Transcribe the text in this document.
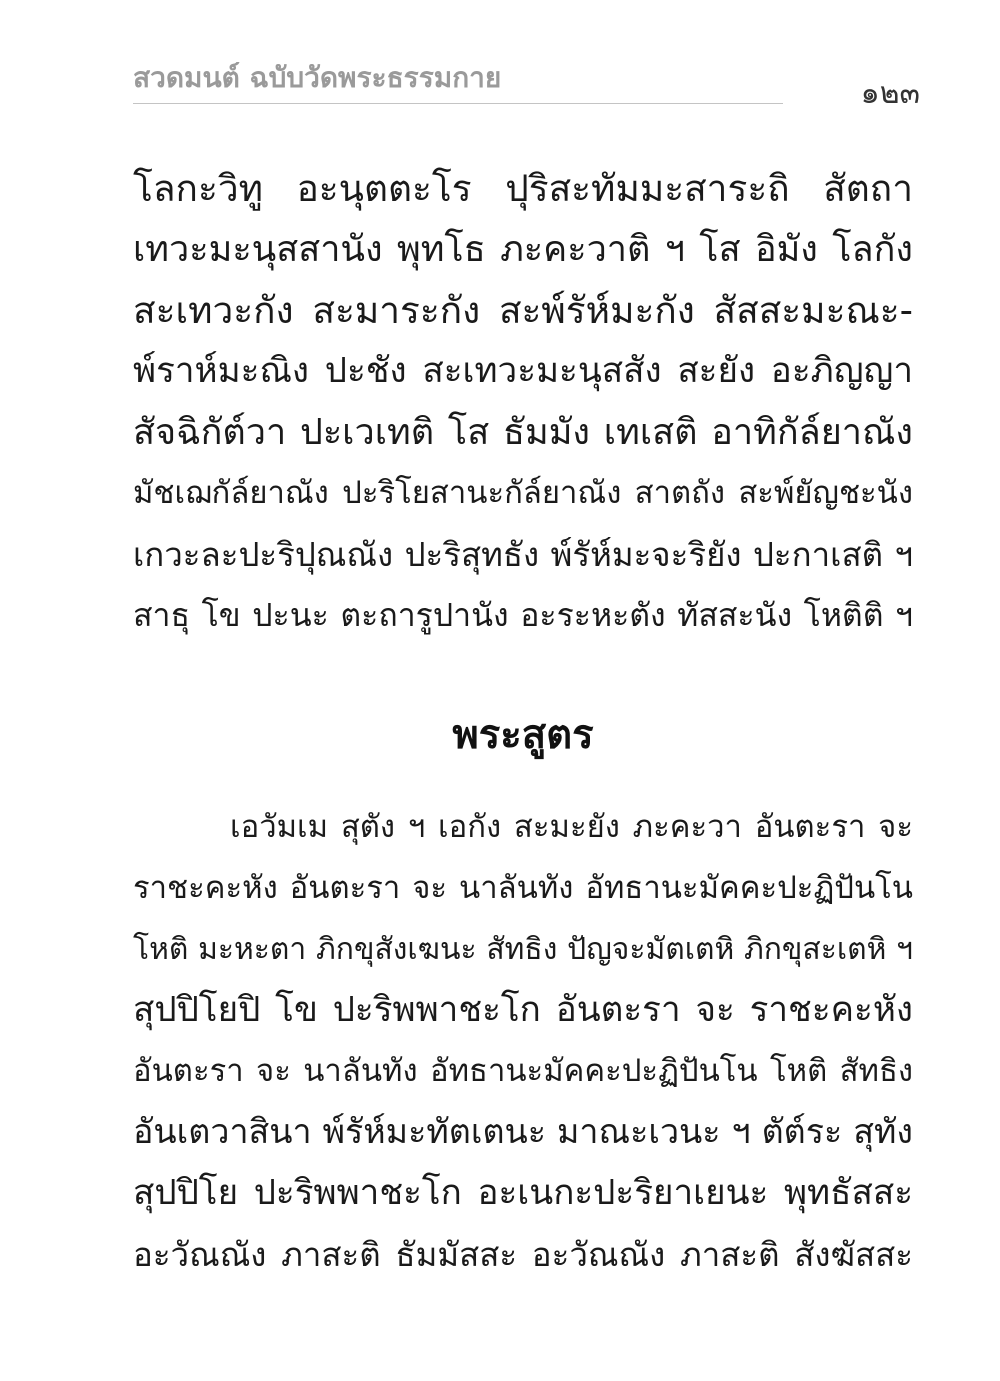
สวดมนต์ ฉบับวัดพระธรรมกาย	๑๒๓
โลกะวิทู อะนุตตะโร ปุริสะทัมมะสาระถิ สัตถา
เทวะมะนุสสานัง พุทโธ ภะคะวาติ ฯ โส อิมัง โลกัง
สะเทวะกัง สะมาระกัง สะพ์รัห์มะกัง สัสสะมะณะ-
พ์ราห์มะณิง ปะชัง สะเทวะมะนุสสัง สะยัง อะภิญญา
สัจฉิกัต์วา ปะเวเทติ โส ธัมมัง เทเสติ อาทิกัล์ยาณัง
มัชเฌกัล์ยาณัง ปะริโยสานะกัล์ยาณัง สาตถัง สะพ์ยัญชะนัง
เกวะละปะริปุณณัง ปะริสุทธัง พ์รัห์มะจะริยัง ปะกาเสติ ฯ
สาธุ โข ปะนะ ตะถารูปานัง อะระหะตัง ทัสสะนัง โหติติ ฯ
พระสูตร
เอวัมเม สุตัง ฯ เอกัง สะมะยัง ภะคะวา อันตะรา จะ
ราชะคะหัง อันตะรา จะ นาลันทัง อัทธานะมัคคะปะฏิปันโน
โหติ มะหะตา ภิกขุสังเฆนะ สัทธิง ปัญจะมัตเตหิ ภิกขุสะเตหิ ฯ
สุปปิโยปิ โข ปะริพพาชะโก อันตะรา จะ ราชะคะหัง
อันตะรา จะ นาลันทัง อัทธานะมัคคะปะฏิปันโน โหติ สัทธิง
อันเตวาสินา พ์รัห์มะทัตเตนะ มาณะเวนะ ฯ ตัต์ระ สุทัง
สุปปิโย ปะริพพาชะโก อะเนกะปะริยาเยนะ พุทธัสสะ
อะวัณณัง ภาสะติ ธัมมัสสะ อะวัณณัง ภาสะติ สังฆัสสะ
